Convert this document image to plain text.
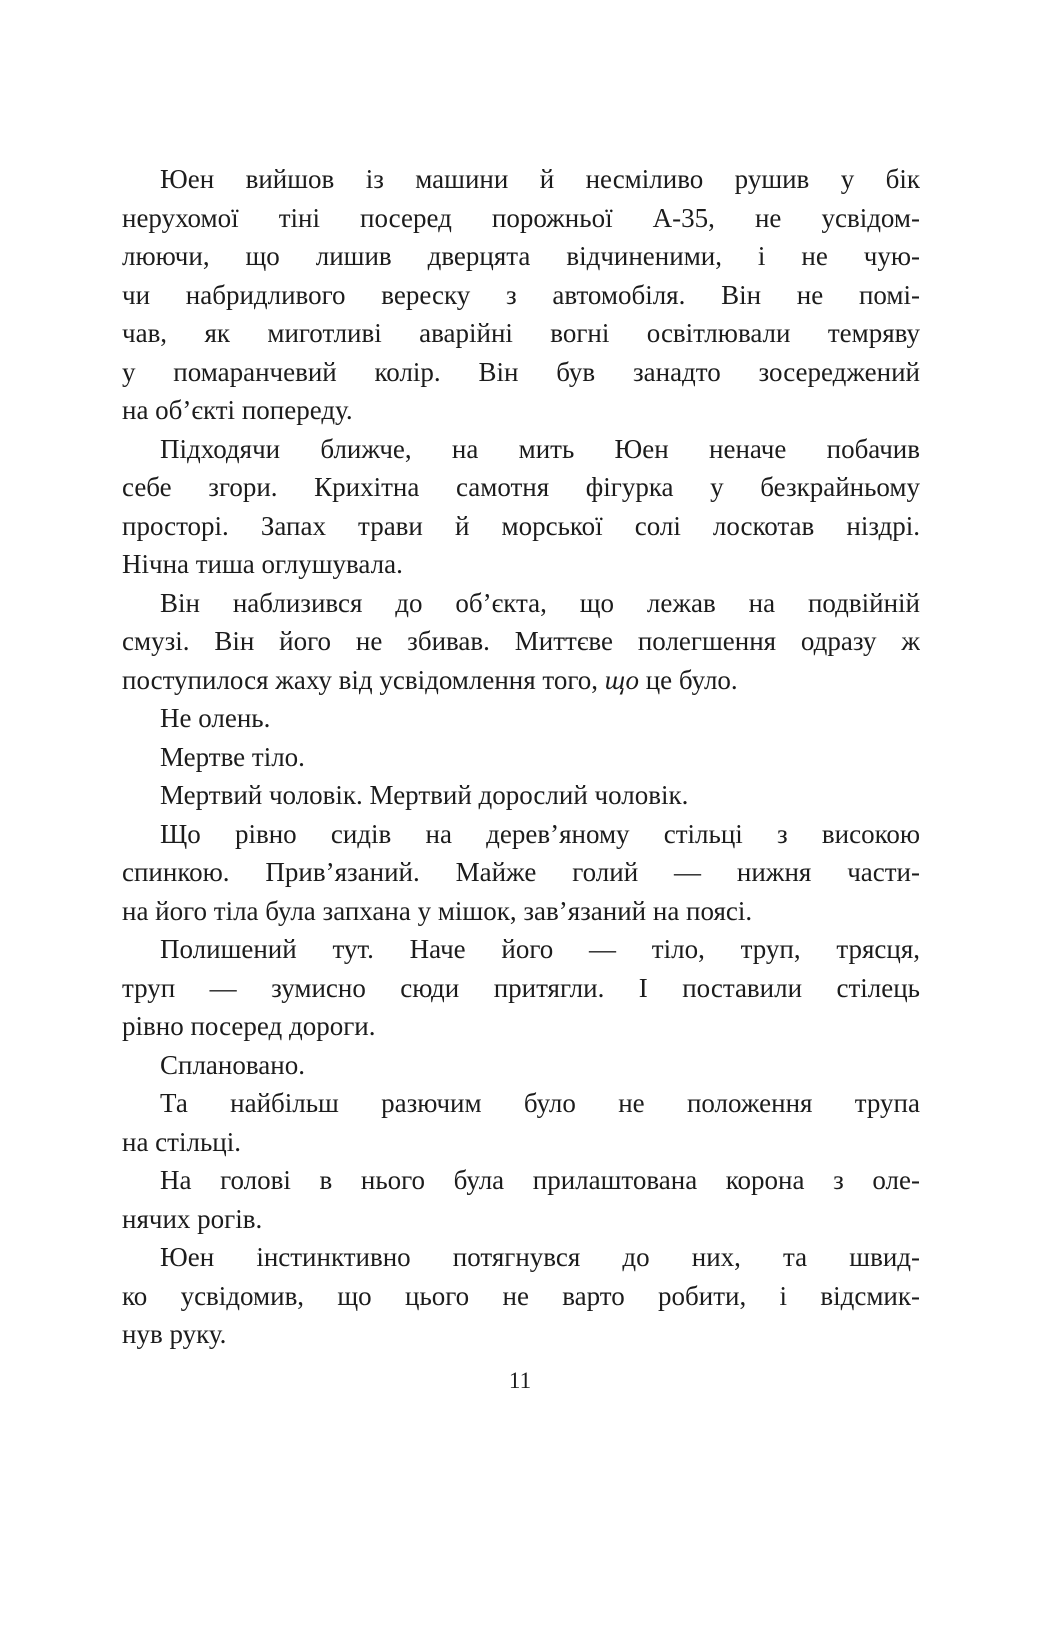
Юен вийшов із машини й несміливо рушив у бік
нерухомої тіні посеред порожньої А-35, не усвідом-
люючи, що лишив дверцята відчиненими, і не чую-
чи набридливого вереску з автомобіля. Він не помі-
чав, як миготливі аварійні вогні освітлювали темряву
у помаранчевий колір. Він був занадто зосереджений
на об’єкті попереду.
Підходячи ближче, на мить Юен неначе побачив
себе згори. Крихітна самотня фігурка у безкрайньому
просторі. Запах трави й морської солі лоскотав ніздрі.
Нічна тиша оглушувала.
Він наблизився до об’єкта, що лежав на подвійній
смузі. Він його не збивав. Миттєве полегшення одразу ж
поступилося жаху від усвідомлення того, що це було.
Не олень.
Мертве тіло.
Мертвий чоловік. Мертвий дорослий чоловік.
Що рівно сидів на дерев’яному стільці з високою
спинкою. Прив’язаний. Майже голий — нижня части-
на його тіла була запхана у мішок, зав’язаний на поясі.
Полишений тут. Наче його — тіло, труп, трясця,
труп — зумисно сюди притягли. І поставили стілець
рівно посеред дороги.
Сплановано.
Та найбільш разючим було не положення трупа
на стільці.
На голові в нього була прилаштована корона з оле-
нячих рогів.
Юен інстинктивно потягнувся до них, та швид-
ко усвідомив, що цього не варто робити, і відсмик-
нув руку.
11
